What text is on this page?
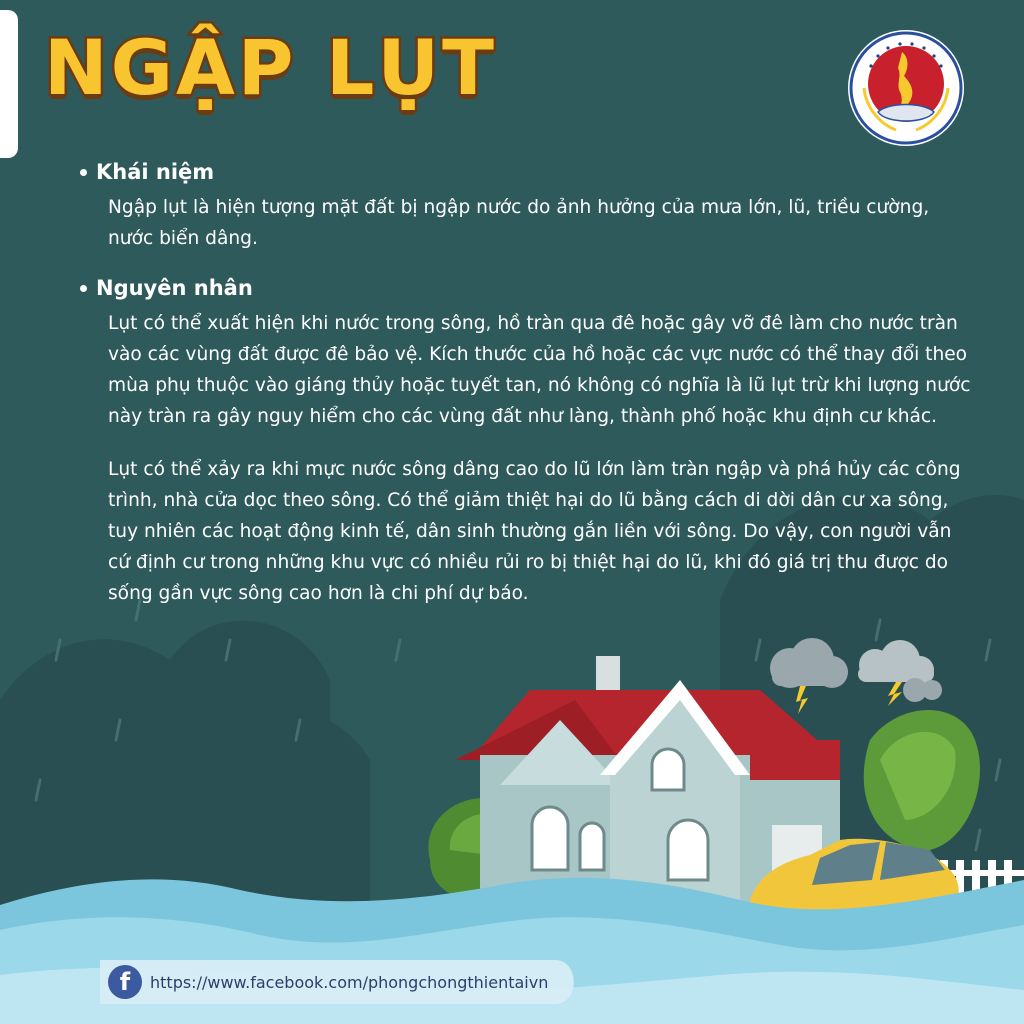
NGẬP LỤT
Khái niệm

Ngập lụt là hiện tượng mặt đất bị ngập nước do ảnh hưởng của mưa lớn, lũ, triều cường, nước biển dâng.

Nguyên nhân

Lụt có thể xuất hiện khi nước trong sông, hồ tràn qua đê hoặc gây vỡ đê làm cho nước tràn vào các vùng đất được đê bảo vệ. Kích thước của hồ hoặc các vực nước có thể thay đổi theo mùa phụ thuộc vào giáng thủy hoặc tuyết tan, nó không có nghĩa là lũ lụt trừ khi lượng nước này tràn ra gây nguy hiểm cho các vùng đất như làng, thành phố hoặc khu định cư khác.

Lụt có thể xảy ra khi mực nước sông dâng cao do lũ lớn làm tràn ngập và phá hủy các công trình, nhà cửa dọc theo sông. Có thể giảm thiệt hại do lũ bằng cách di dời dân cư xa sông, tuy nhiên các hoạt động kinh tế, dân sinh thường gắn liền với sông. Do vậy, con người vẫn cứ định cư trong những khu vực có nhiều rủi ro bị thiệt hại do lũ, khi đó giá trị thu được do sống gần vực sông cao hơn là chi phí dự báo.

f	https://www.facebook.com/phongchongthientaivn
